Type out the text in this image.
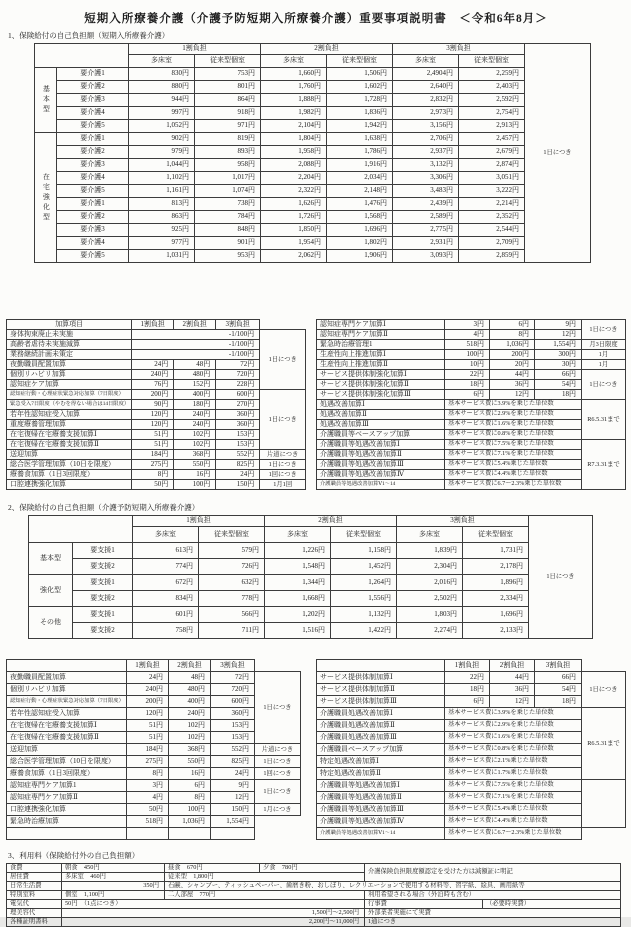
短期入所療養介護（介護予防短期入所療養介護）重要事項説明書　＜令和6年8月＞
1、保険給付の自己負担額（短期入所療養介護）
		1割負担		2割負担		3割負担		1日につき
		多床室	従来型個室	多床室	従来型個室	多床室	従来型個室	
基本型	要介護1	830円	753円	1,660円	1,506円	2,4904円	2,259円	
	要介護2	880円	801円	1,760円	1,602円	2,640円	2,403円	
	要介護3	944円	864円	1,888円	1,728円	2,832円	2,592円	
	要介護4	997円	918円	1,982円	1,836円	2,973円	2,754円	
	要介護5	1,052円	971円	2,104円	1,942円	3,156円	2,913円	
在宅強化型	要介護1	902円	819円	1,804円	1,638円	2,706円	2,457円	
	要介護2	979円	893円	1,958円	1,786円	2,937円	2,679円	
	要介護3	1,044円	958円	2,088円	1,916円	3,132円	2,874円	
	要介護4	1,102円	1,017円	2,204円	2,034円	3,306円	3,051円	
	要介護5	1,161円	1,074円	2,322円	2,148円	3,483円	3,222円	
	要介護1	813円	738円	1,626円	1,476円	2,439円	2,214円	
	要介護2	863円	784円	1,726円	1,568円	2,589円	2,352円	
	要介護3	925円	848円	1,850円	1,696円	2,775円	2,544円	
	要介護4	977円	901円	1,954円	1,802円	2,931円	2,709円	
	要介護5	1,031円	953円	2,062円	1,906円	3,093円	2,859円	
加算項目	1割負担	2割負担	3割負担	
身体拘束廃止未実施	-1/100円			1日につき
高齢者虐待未実施減算	-1/100円			
業務継続計画未策定	-1/100円			
夜勤職員配置加算	24円	48円	72円	
個別リハビリ加算	240円	480円	720円	
認知症ケア加算	76円	152円	228円	
認知症行動・心理症状緊急対応加算（7日限度）	200円	400円	600円	1日につき
緊急受入7日限度（やむを得ない場合は14日限度）	90円	180円	270円	
若年性認知症受入加算	120円	240円	360円	
重度療養管理加算	120円	240円	360円	
在宅復帰在宅療養支援加算Ⅰ	51円	102円	153円	
在宅復帰在宅療養支援加算Ⅱ	51円	102円	153円	
送迎加算	184円	368円	552円	片道につき
総合医学管理加算（10日を限度）	275円	550円	825円	1日につき
療養食加算（1日3回限度）	8円	16円	24円	1回につき
口腔連携強化加算	50円	100円	150円	1月1回
認知症専門ケア加算Ⅰ	3円	6円	9円	1日につき
認知症専門ケア加算Ⅱ	4円	8円	12円	
緊急時治療管理1	518円	1,036円	1,554円	月3日限度
生産性向上推進加算Ⅰ	100円	200円	300円	1月
生産性向上推進加算Ⅱ	10円	20円	30円	1月
サービス提供体制強化加算Ⅰ	22円	44円	66円	1日につき
サービス提供体制強化加算Ⅱ	18円	36円	54円	
サービス提供体制強化加算Ⅲ	6円	12円	18円	
処遇改善加算Ⅰ	基本サービス費に3.9%を乗じた単位数			R6.5.31まで
処遇改善加算Ⅱ	基本サービス費に2.9%を乗じた単位数			
処遇改善加算Ⅲ	基本サービス費に1.6%を乗じた単位数			
介護職員等ベースアップ加算	基本サービス費に0.8%を乗じた単位数			
介護職員等処遇改善加算Ⅰ	基本サービス費に7.5%を乗じた単位数			R7.3.31まで
介護職員等処遇改善加算Ⅱ	基本サービス費に7.1%を乗じた単位数			
介護職員等処遇改善加算Ⅲ	基本サービス費に5.4%乗じた単位数			
介護職員等処遇改善加算Ⅳ	基本サービス費に4.4%乗じた単位数			
介護職員等処遇改善加算Ⅴ1～14	基本サービス費に6.7～2.3%乗じた単位数			
2、保険給付の自己負担額（介護予防短期入所療養介護）
		1割負担		2割負担		3割負担		1日につき
		多床室	従来型個室	多床室	従来型個室	多床室	従来型個室	
基本型	要支援1	613円	579円	1,226円	1,158円	1,839円	1,731円	
	要支援2	774円	726円	1,548円	1,452円	2,304円	2,178円	
強化型	要支援1	672円	632円	1,344円	1,264円	2,016円	1,896円	
	要支援2	834円	778円	1,668円	1,556円	2,502円	2,334円	
その他	要支援1	601円	566円	1,202円	1,132円	1,803円	1,696円	
	要支援2	758円	711円	1,516円	1,422円	2,274円	2,133円	
	1割負担	2割負担	3割負担	
夜勤職員配置加算	24円	48円	72円	1日につき
個別リハビリ加算	240円	480円	720円	
認知症行動・心理症状緊急対応加算（7日限度）	200円	400円	600円	
若年性認知症受入加算	120円	240円	360円	
在宅復帰在宅療養支援加算Ⅰ	51円	102円	153円	
在宅復帰在宅療養支援加算Ⅱ	51円	102円	153円	
送迎加算	184円	368円	552円	片道につき
総合医学管理加算（10日を限度）	275円	550円	825円	1日につき
療養食加算（1日3回限度）	8円	16円	24円	1回につき
認知症専門ケア加算1	3円	6円	9円	1日につき
認知症専門ケア加算Ⅱ	4円	8円	12円	
口腔連携強化加算	50円	100円	150円	1月につき
緊急時治療加算	518円	1,036円	1,554円	

	1割負担	2割負担	3割負担	
サービス提供体制加算Ⅰ	22円	44円	66円	1日につき
サービス提供体制加算Ⅱ	18円	36円	54円	
サービス提供体制加算Ⅲ	6円	12円	18円	
介護職員処遇改善加算Ⅰ	基本サービス費に3.9%を乗じた単位数			R6.5.31まで
介護職員処遇改善加算Ⅱ	基本サービス費に2.9%を乗じた単位数			
介護職員処遇改善加算Ⅲ	基本サービス費に1.6%を乗じた単位数			
介護職員ベースアップ加算	基本サービス費に0.8%を乗じた単位数			
特定処遇改善加算Ⅰ	基本サービス費に2.1%乗じた単位数			
特定処遇改善加算Ⅱ	基本サービス費に1.7%乗じた単位数			
介護職員等処遇改善加算Ⅰ	基本サービス費に7.5%を乗じた単位数			
介護職員等処遇改善加算Ⅱ	基本サービス費に7.1%を乗じた単位数			
介護職員等処遇改善加算Ⅲ	基本サービス費に5.4%乗じた単位数			
介護職員等処遇改善加算Ⅳ	基本サービス費に4.4%乗じた単位数			
介護職員等処遇改善加算Ⅴ1～14	基本サービス費に6.7～2.3%乗じた単位数			
3、利用料（保険給付外の自己負担額）
食費	朝食　450円	昼食　670円	夕食　780円	介護保険負担限度額認定を受けた方は減額証に明記	
居住費	多床室　460円	従来型　1,800円			
日常生活費	350円	石鹸、シャンプー、ティッシュペーパー、歯磨き粉、おしぼり、レクリエーションで使用する材料等、習字紙、絵具、画用紙等			
特別室料	個室　1,100円	二人部屋　770円		利用希望される場合（外泊時も含む）	
電気代	50円　（1点につき）			行事費	（必要時実費）
理美容代	1,500円～2,500円			外部業者実施にて実費	
各種証明書料	2,200円～11,000円			1通につき	
